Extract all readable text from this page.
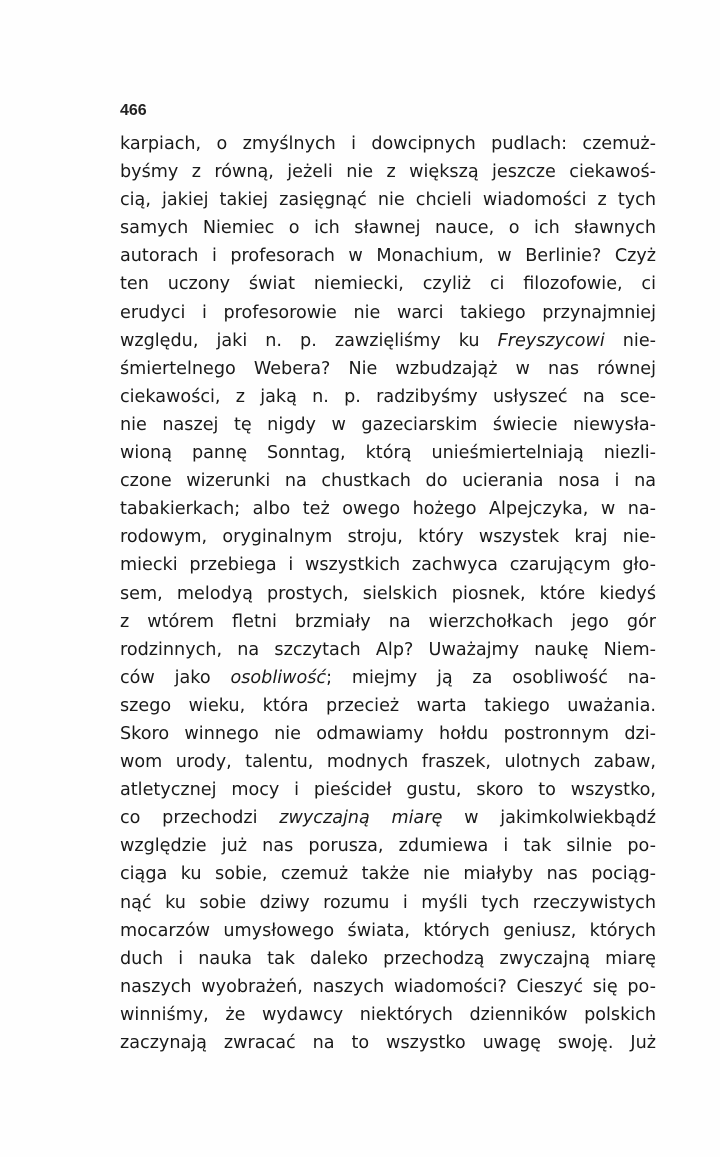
466
karpiach, o zmyślnych i dowcipnych pudlach: czemuż-
byśmy z równą, jeżeli nie z większą jeszcze ciekawoś-
cią, jakiej takiej zasięgnąć nie chcieli wiadomości z tych
samych Niemiec o ich sławnej nauce, o ich sławnych
autorach i profesorach w Monachium, w Berlinie? Czyż
ten uczony świat niemiecki, czyliż ci filozofowie, ci
erudyci i profesorowie nie warci takiego przynajmniej
względu, jaki n. p. zawzięliśmy ku Freyszycowi nie-
śmiertelnego Webera? Nie wzbudzająż w nas równej
ciekawości, z jaką n. p. radzibyśmy usłyszeć na sce-
nie naszej tę nigdy w gazeciarskim świecie niewysła-
wioną pannę Sonntag, którą unieśmiertelniają niezli-
czone wizerunki na chustkach do ucierania nosa i na
tabakierkach; albo też owego hożego Alpejczyka, w na-
rodowym, oryginalnym stroju, który wszystek kraj nie-
miecki przebiega i wszystkich zachwyca czarującym gło-
sem, melodyą prostych, sielskich piosnek, które kiedyś
z wtórem fletni brzmiały na wierzchołkach jego gór
rodzinnych, na szczytach Alp? Uważajmy naukę Niem-
ców jako osobliwość; miejmy ją za osobliwość na-
szego wieku, która przecież warta takiego uważania.
Skoro winnego nie odmawiamy hołdu postronnym dzi-
wom urody, talentu, modnych fraszek, ulotnych zabaw,
atletycznej mocy i pieścideł gustu, skoro to wszystko,
co przechodzi zwyczajną miarę w jakimkolwiekbądź
względzie już nas porusza, zdumiewa i tak silnie po-
ciąga ku sobie, czemuż także nie miałyby nas pociąg-
nąć ku sobie dziwy rozumu i myśli tych rzeczywistych
mocarzów umysłowego świata, których geniusz, których
duch i nauka tak daleko przechodzą zwyczajną miarę
naszych wyobrażeń, naszych wiadomości? Cieszyć się po-
winniśmy, że wydawcy niektórych dzienników polskich
zaczynają zwracać na to wszystko uwagę swoję. Już
